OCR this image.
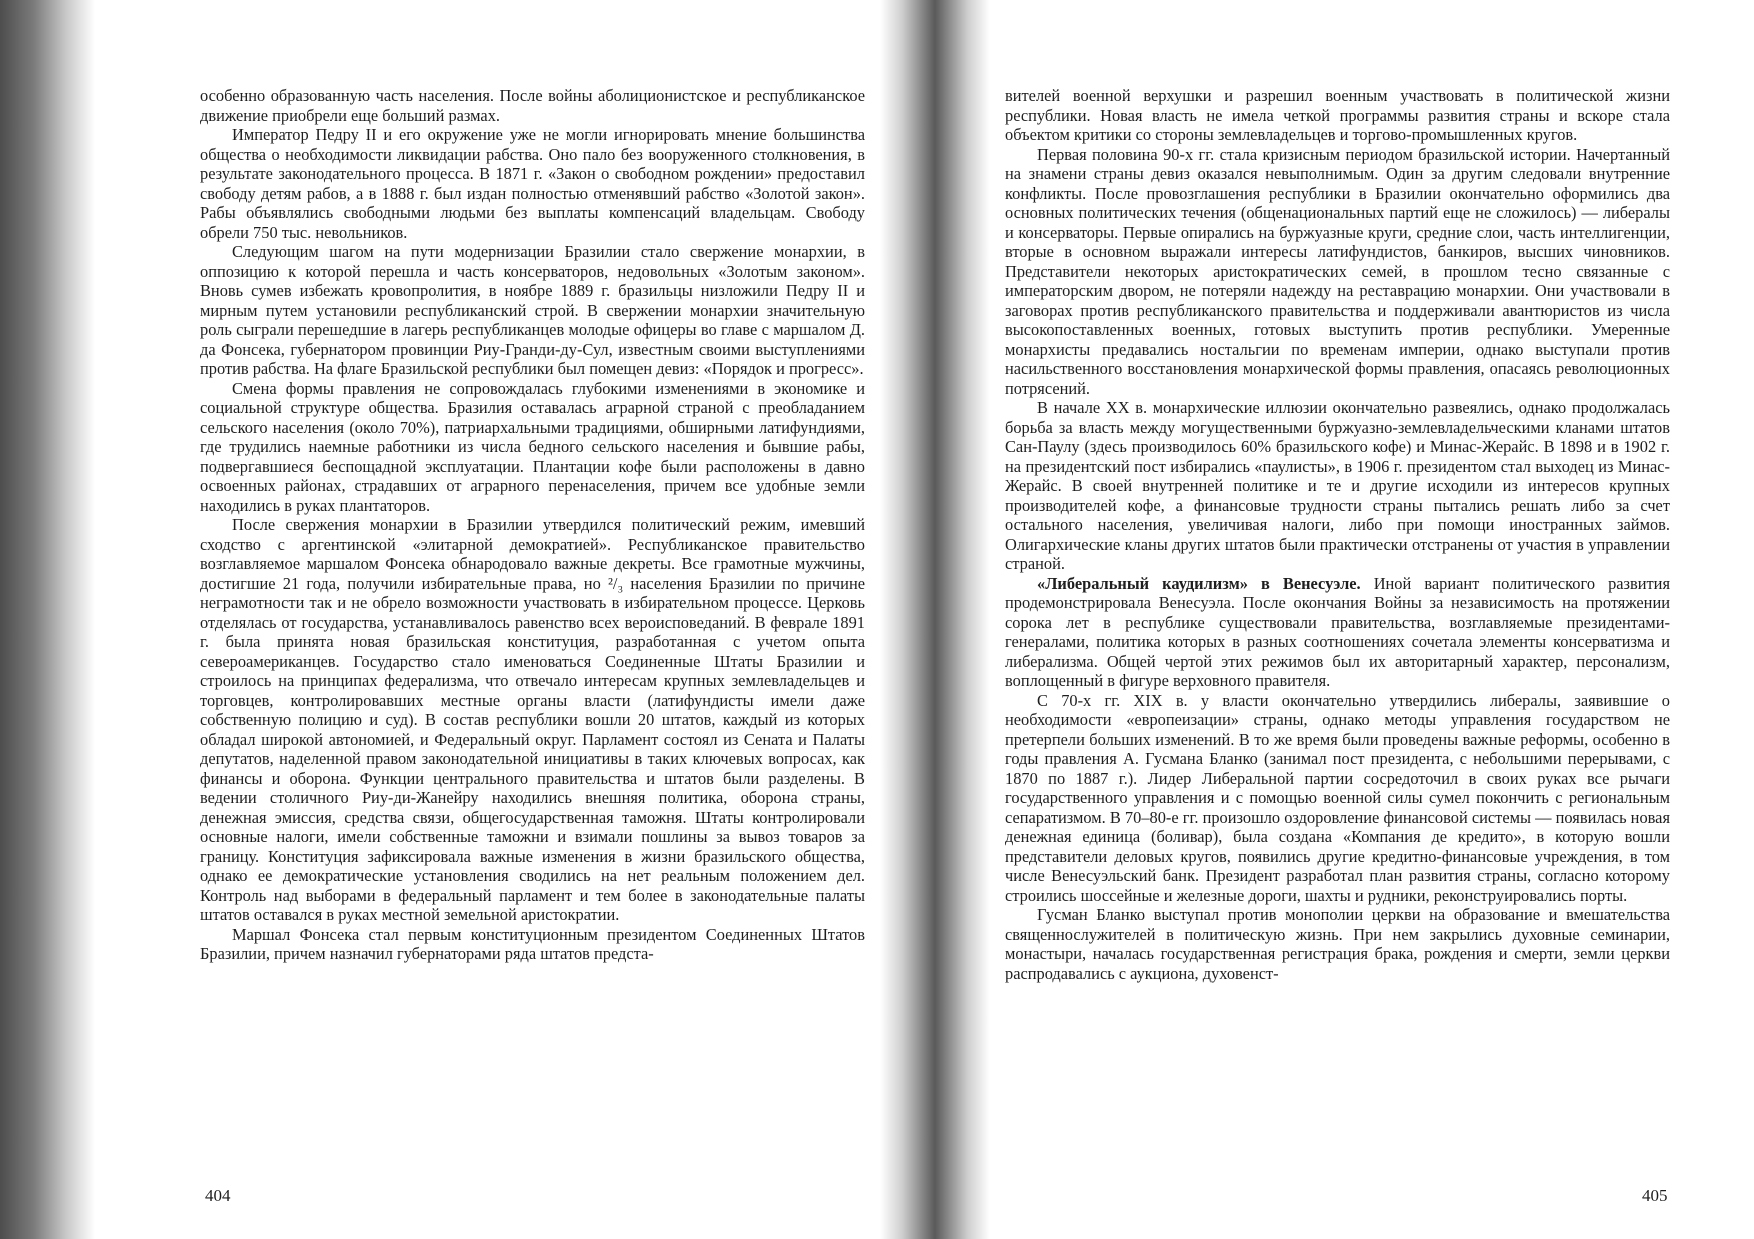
особенно образованную часть населения. После войны аболиционистское и республиканское движение приобрели еще больший размах.

Император Педру II и его окружение уже не могли игнорировать мнение большинства общества о необходимости ликвидации рабства. Оно пало без вооруженного столкновения, в результате законодательного процесса. В 1871 г. «Закон о свободном рождении» предоставил свободу детям рабов, а в 1888 г. был издан полностью отменявший рабство «Золотой закон». Рабы объявлялись свободными людьми без выплаты компенсаций владельцам. Свободу обрели 750 тыс. невольников.

Следующим шагом на пути модернизации Бразилии стало свержение монархии, в оппозицию к которой перешла и часть консерваторов, недовольных «Золотым законом». Вновь сумев избежать кровопролития, в ноябре 1889 г. бразильцы низложили Педру II и мирным путем установили республиканский строй. В свержении монархии значительную роль сыграли перешедшие в лагерь республиканцев молодые офицеры во главе с маршалом Д. да Фонсека, губернатором провинции Риу-Гранди-ду-Сул, известным своими выступлениями против рабства. На флаге Бразильской республики был помещен девиз: «Порядок и прогресс».

Смена формы правления не сопровождалась глубокими изменениями в экономике и социальной структуре общества. Бразилия оставалась аграрной страной с преобладанием сельского населения (около 70%), патриархальными традициями, обширными латифундиями, где трудились наемные работники из числа бедного сельского населения и бывшие рабы, подвергавшиеся беспощадной эксплуатации. Плантации кофе были расположены в давно освоенных районах, страдавших от аграрного перенаселения, причем все удобные земли находились в руках плантаторов.

После свержения монархии в Бразилии утвердился политический режим, имевший сходство с аргентинской «элитарной демократией». Республиканское правительство возглавляемое маршалом Фонсека обнародовало важные декреты. Все грамотные мужчины, достигшие 21 года, получили избирательные права, но ²/₃ населения Бразилии по причине неграмотности так и не обрело возможности участвовать в избирательном процессе. Церковь отделялась от государства, устанавливалось равенство всех вероисповеданий. В феврале 1891 г. была принята новая бразильская конституция, разработанная с учетом опыта североамериканцев. Государство стало именоваться Соединенные Штаты Бразилии и строилось на принципах федерализма, что отвечало интересам крупных землевладельцев и торговцев, контролировавших местные органы власти (латифундисты имели даже собственную полицию и суд). В состав республики вошли 20 штатов, каждый из которых обладал широкой автономией, и Федеральный округ. Парламент состоял из Сената и Палаты депутатов, наделенной правом законодательной инициативы в таких ключевых вопросах, как финансы и оборона. Функции центрального правительства и штатов были разделены. В ведении столичного Риу-ди-Жанейру находились внешняя политика, оборона страны, денежная эмиссия, средства связи, общегосударственная таможня. Штаты контролировали основные налоги, имели собственные таможни и взимали пошлины за вывоз товаров за границу. Конституция зафиксировала важные изменения в жизни бразильского общества, однако ее демократические установления сводились на нет реальным положением дел. Контроль над выборами в федеральный парламент и тем более в законодательные палаты штатов оставался в руках местной земельной аристократии.

Маршал Фонсека стал первым конституционным президентом Соединенных Штатов Бразилии, причем назначил губернаторами ряда штатов предста-

404

вителей военной верхушки и разрешил военным участвовать в политической жизни республики. Новая власть не имела четкой программы развития страны и вскоре стала объектом критики со стороны землевладельцев и торгово-промышленных кругов.

Первая половина 90-х гг. стала кризисным периодом бразильской истории. Начертанный на знамени страны девиз оказался невыполнимым. Один за другим следовали внутренние конфликты. После провозглашения республики в Бразилии окончательно оформились два основных политических течения (общенациональных партий еще не сложилось) — либералы и консерваторы. Первые опирались на буржуазные круги, средние слои, часть интеллигенции, вторые в основном выражали интересы латифундистов, банкиров, высших чиновников. Представители некоторых аристократических семей, в прошлом тесно связанные с императорским двором, не потеряли надежду на реставрацию монархии. Они участвовали в заговорах против республиканского правительства и поддерживали авантюристов из числа высокопоставленных военных, готовых выступить против республики. Умеренные монархисты предавались ностальгии по временам империи, однако выступали против насильственного восстановления монархической формы правления, опасаясь революционных потрясений.

В начале XX в. монархические иллюзии окончательно развеялись, однако продолжалась борьба за власть между могущественными буржуазно-землевладельческими кланами штатов Сан-Паулу (здесь производилось 60% бразильского кофе) и Минас-Жерайс. В 1898 и в 1902 г. на президентский пост избирались «паулисты», в 1906 г. президентом стал выходец из Минас-Жерайс. В своей внутренней политике и те и другие исходили из интересов крупных производителей кофе, а финансовые трудности страны пытались решать либо за счет остального населения, увеличивая налоги, либо при помощи иностранных займов. Олигархические кланы других штатов были практически отстранены от участия в управлении страной.

«Либеральный каудилизм» в Венесуэле. Иной вариант политического развития продемонстрировала Венесуэла. После окончания Войны за независимость на протяжении сорока лет в республике существовали правительства, возглавляемые президентами-генералами, политика которых в разных соотношениях сочетала элементы консерватизма и либерализма. Общей чертой этих режимов был их авторитарный характер, персонализм, воплощенный в фигуре верховного правителя.

С 70-х гг. XIX в. у власти окончательно утвердились либералы, заявившие о необходимости «европеизации» страны, однако методы управления государством не претерпели больших изменений. В то же время были проведены важные реформы, особенно в годы правления А. Гусмана Бланко (занимал пост президента, с небольшими перерывами, с 1870 по 1887 г.). Лидер Либеральной партии сосредоточил в своих руках все рычаги государственного управления и с помощью военной силы сумел покончить с региональным сепаратизмом. В 70–80-е гг. произошло оздоровление финансовой системы — появилась новая денежная единица (боливар), была создана «Компания де кредито», в которую вошли представители деловых кругов, появились другие кредитно-финансовые учреждения, в том числе Венесуэльский банк. Президент разработал план развития страны, согласно которому строились шоссейные и железные дороги, шахты и рудники, реконструировались порты.

Гусман Бланко выступал против монополии церкви на образование и вмешательства священнослужителей в политическую жизнь. При нем закрылись духовные семинарии, монастыри, началась государственная регистрация брака, рождения и смерти, земли церкви распродавались с аукциона, духовенст-

405
